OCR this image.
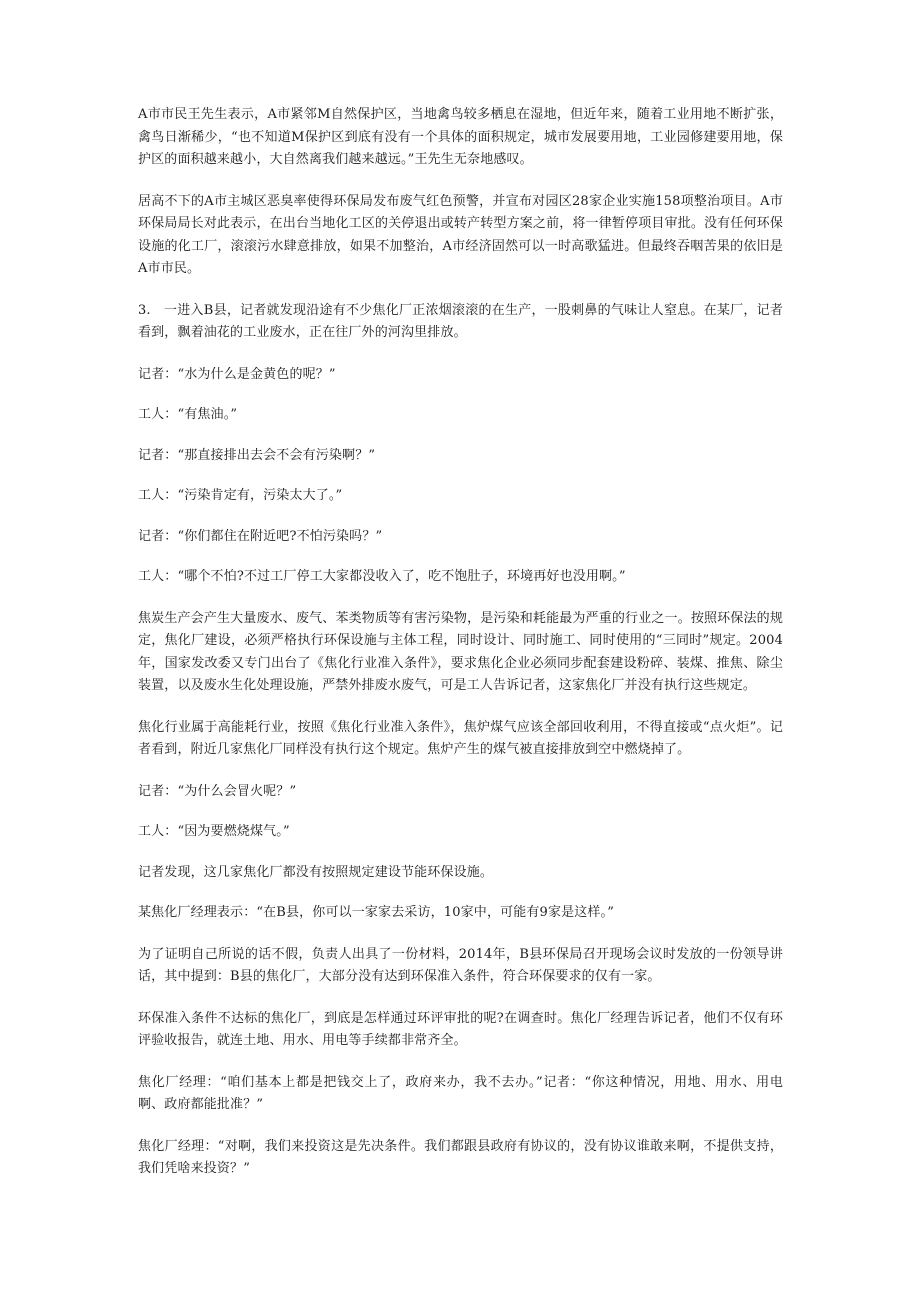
A市市民王先生表示，A市紧邻M自然保护区，当地禽鸟较多栖息在湿地，但近年来，随着工业用地不断扩张，禽鸟日渐稀少，“也不知道M保护区到底有没有一个具体的面积规定，城市发展要用地，工业园修建要用地，保护区的面积越来越小，大自然离我们越来越远。”王先生无奈地感叹。

居高不下的A市主城区恶臭率使得环保局发布废气红色预警，并宣布对园区28家企业实施158项整治项目。A市环保局局长对此表示，在出台当地化工区的关停退出或转产转型方案之前，将一律暂停项目审批。没有任何环保设施的化工厂，滚滚污水肆意排放，如果不加整治，A市经济固然可以一时高歌猛进。但最终吞咽苦果的依旧是A市市民。

3.　一进入B县，记者就发现沿途有不少焦化厂正浓烟滚滚的在生产，一股刺鼻的气味让人窒息。在某厂，记者看到，飘着油花的工业废水，正在往厂外的河沟里排放。

记者：“水为什么是金黄色的呢？”

工人：“有焦油。”

记者：“那直接排出去会不会有污染啊？”

工人：“污染肯定有，污染太大了。”

记者：“你们都住在附近吧?不怕污染吗？”

工人：“哪个不怕?不过工厂停工大家都没收入了，吃不饱肚子，环境再好也没用啊。”

焦炭生产会产生大量废水、废气、苯类物质等有害污染物，是污染和耗能最为严重的行业之一。按照环保法的规定，焦化厂建设，必须严格执行环保设施与主体工程，同时设计、同时施工、同时使用的“三同时”规定。2004年，国家发改委又专门出台了《焦化行业准入条件》，要求焦化企业必须同步配套建设粉碎、装煤、推焦、除尘装置，以及废水生化处理设施，严禁外排废水废气，可是工人告诉记者，这家焦化厂并没有执行这些规定。

焦化行业属于高能耗行业，按照《焦化行业准入条件》，焦炉煤气应该全部回收利用，不得直接或“点火炬”。记者看到，附近几家焦化厂同样没有执行这个规定。焦炉产生的煤气被直接排放到空中燃烧掉了。

记者：“为什么会冒火呢？”

工人：“因为要燃烧煤气。”

记者发现，这几家焦化厂都没有按照规定建设节能环保设施。

某焦化厂经理表示：“在B县，你可以一家家去采访，10家中，可能有9家是这样。”

为了证明自己所说的话不假，负责人出具了一份材料，2014年，B县环保局召开现场会议时发放的一份领导讲话，其中提到：B县的焦化厂，大部分没有达到环保准入条件，符合环保要求的仅有一家。

环保准入条件不达标的焦化厂，到底是怎样通过环评审批的呢?在调查时。焦化厂经理告诉记者，他们不仅有环评验收报告，就连土地、用水、用电等手续都非常齐全。

焦化厂经理：“咱们基本上都是把钱交上了，政府来办，我不去办。”记者：“你这种情况，用地、用水、用电啊、政府都能批准？”

焦化厂经理：“对啊，我们来投资这是先决条件。我们都跟县政府有协议的，没有协议谁敢来啊，不提供支持，我们凭啥来投资？”
